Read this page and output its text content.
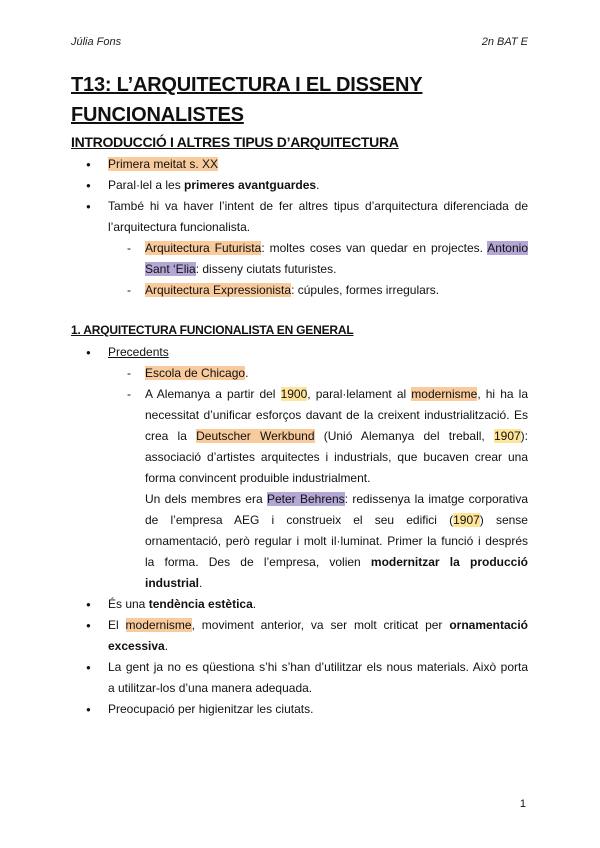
Júlia Fons	2n BAT E
T13: L’ARQUITECTURA I EL DISSENY FUNCIONALISTES
INTRODUCCIÓ I ALTRES TIPUS D’ARQUITECTURA
● Primera meitat s. XX
● Paral·lel a les primeres avantguardes.
● També hi va haver l’intent de fer altres tipus d’arquitectura diferenciada de
l’arquitectura funcionalista.
- Arquitectura Futurista: moltes coses van quedar en projectes. Antonio
Sant ‘Elia: disseny ciutats futuristes.
- Arquitectura Expressionista: cúpules, formes irregulars.
1. ARQUITECTURA FUNCIONALISTA EN GENERAL
● Precedents
- Escola de Chicago.
- A Alemanya a partir del 1900, paral·lelament al modernisme, hi ha la
necessitat d’unificar esforços davant de la creixent industrialització. Es
crea la Deutscher Werkbund (Unió Alemanya del treball, 1907):
associació d’artistes arquitectes i industrials, que bucaven crear una
forma convincent produible industrialment.
Un dels membres era Peter Behrens: redissenya la imatge corporativa
de l’empresa AEG i construeix el seu edifici (1907) sense
ornamentació, però regular i molt il·luminat. Primer la funció i després
la forma. Des de l’empresa, volien modernitzar la producció
industrial.
● És una tendència estètica.
● El modernisme, moviment anterior, va ser molt criticat per ornamentació
excessiva.
● La gent ja no es qüestiona s’hi s’han d’utilitzar els nous materials. Això porta
a utilitzar-los d’una manera adequada.
● Preocupació per higienitzar les ciutats.
1
